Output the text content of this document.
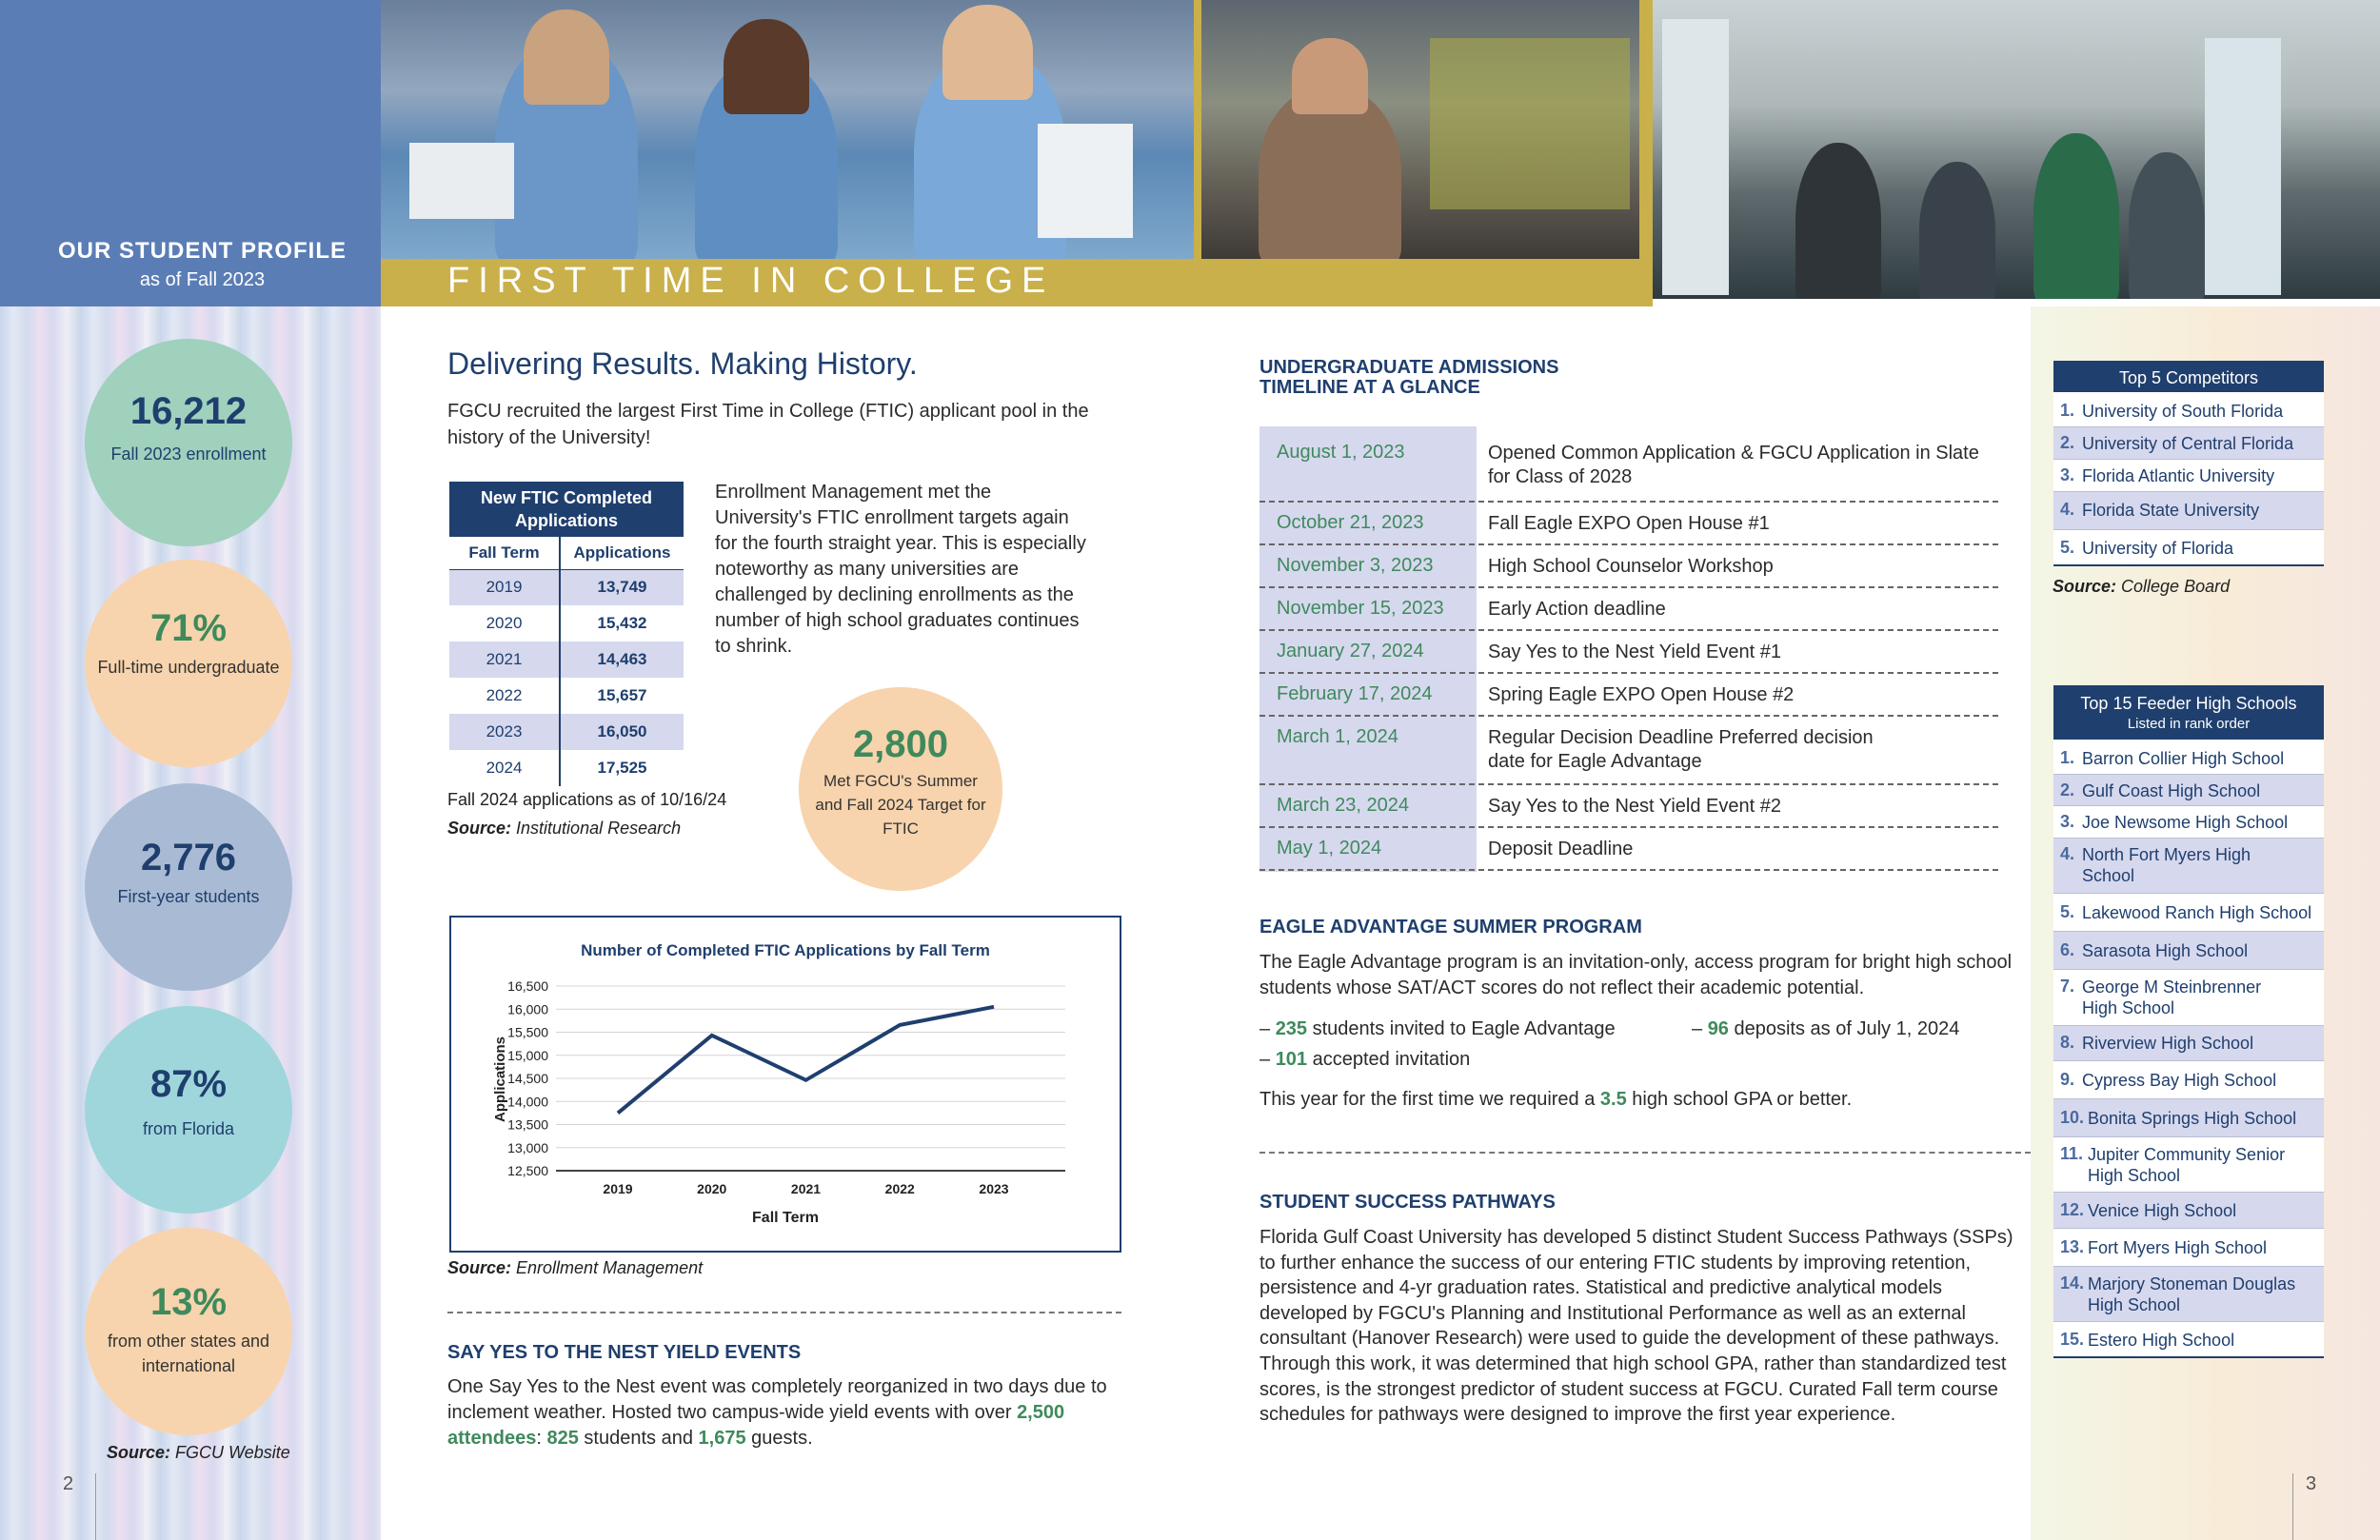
OUR STUDENT PROFILE
as of Fall 2023
16,212
Fall 2023 enrollment
71%
Full-time undergraduate
2,776
First-year students
87%
from Florida
13%
from other states and international
Source: FGCU Website
2
FIRST TIME IN COLLEGE
Delivering Results. Making History.
FGCU recruited the largest First Time in College (FTIC) applicant pool in the history of the University!
New FTIC Completed Applications	
Fall Term	Applications
2019	13,749
2020	15,432
2021	14,463
2022	15,657
2023	16,050
2024	17,525
Fall 2024 applications as of 10/16/24
Source: Institutional Research
Enrollment Management met the University's FTIC enrollment targets again for the fourth straight year. This is especially noteworthy as many universities are challenged by declining enrollments as the number of high school graduates continues to shrink.
2,800
Met FGCU's Summer and Fall 2024 Target for FTIC
Number of Completed FTIC Applications by Fall Term
12,500
13,000
13,500
14,000
14,500
15,000
15,500
16,000
16,500
2019	2020	2021	2022	2023
Fall Term
Applications
Source: Enrollment Management
SAY YES TO THE NEST YIELD EVENTS
One Say Yes to the Nest event was completely reorganized in two days due to inclement weather. Hosted two campus-wide yield events with over 2,500 attendees: 825 students and 1,675 guests.
UNDERGRADUATE ADMISSIONS
TIMELINE AT A GLANCE
August 1, 2023	Opened Common Application & FGCU Application in Slate for Class of 2028
October 21, 2023	Fall Eagle EXPO Open House #1
November 3, 2023	High School Counselor Workshop
November 15, 2023 Early Action deadline
January 27, 2024	Say Yes to the Nest Yield Event #1
February 17, 2024	Spring Eagle EXPO Open House #2
March 1, 2024	Regular Decision Deadline Preferred decision date for Eagle Advantage
March 23, 2024	Say Yes to the Nest Yield Event #2
May 1, 2024	Deposit Deadline
EAGLE ADVANTAGE SUMMER PROGRAM
The Eagle Advantage program is an invitation-only, access program for bright high school students whose SAT/ACT scores do not reflect their academic potential.
– 235 students invited to Eagle Advantage	– 96 deposits as of July 1, 2024
– 101 accepted invitation
This year for the first time we required a 3.5 high school GPA or better.
STUDENT SUCCESS PATHWAYS
Florida Gulf Coast University has developed 5 distinct Student Success Pathways (SSPs) to further enhance the success of our entering FTIC students by improving retention, persistence and 4-yr graduation rates. Statistical and predictive analytical models developed by FGCU's Planning and Institutional Performance as well as an external consultant (Hanover Research) were used to guide the development of these pathways. Through this work, it was determined that high school GPA, rather than standardized test scores, is the strongest predictor of student success at FGCU. Curated Fall term course schedules for pathways were designed to improve the first year experience.
Top 5 Competitors
1. University of South Florida
2. University of Central Florida
3. Florida Atlantic University
4. Florida State University
5. University of Florida
Source: College Board
Top 15 Feeder High Schools
Listed in rank order
1. Barron Collier High School
2. Gulf Coast High School
3. Joe Newsome High School
4. North Fort Myers High School
5. Lakewood Ranch High School
6. Sarasota High School
7. George M Steinbrenner High School
8. Riverview High School
9. Cypress Bay High School
10. Bonita Springs High School
11. Jupiter Community Senior High School
12. Venice High School
13. Fort Myers High School
14. Marjory Stoneman Douglas High School
15. Estero High School
3
